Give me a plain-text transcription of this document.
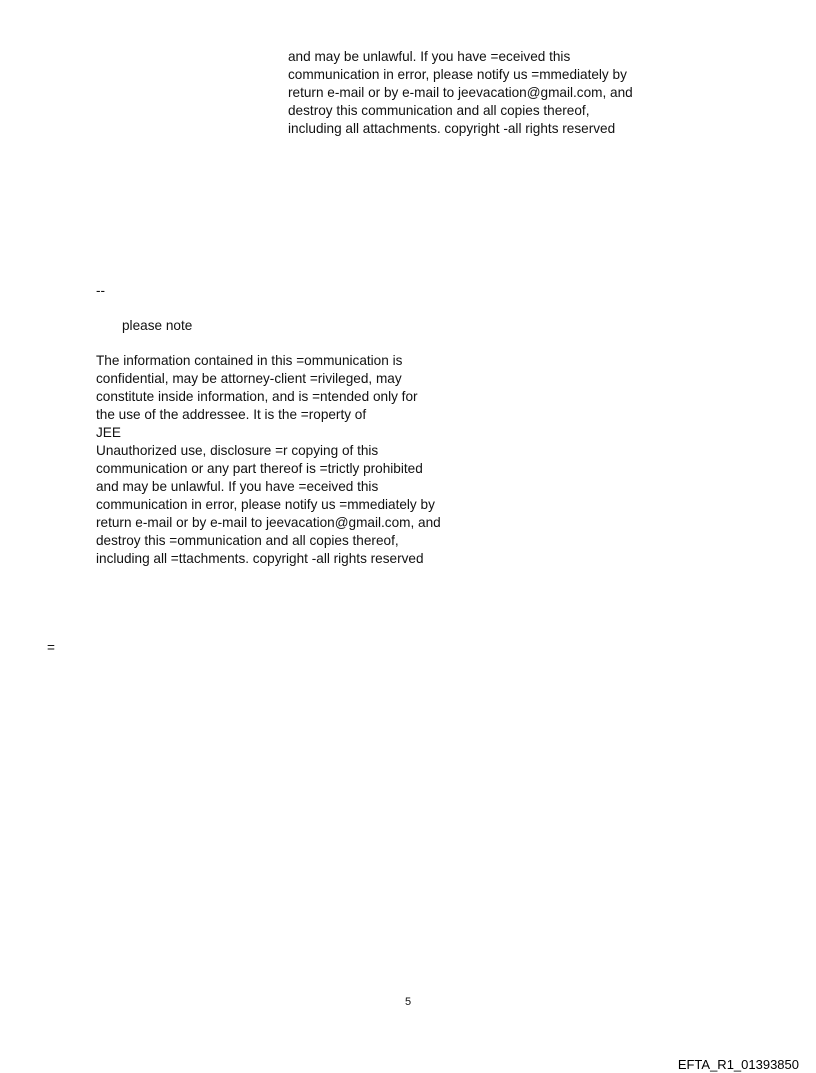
and may be unlawful. If you have =eceived this
communication in error, please notify us =mmediately by
return e-mail or by e-mail to jeevacation@gmail.com, and
destroy this communication and all copies thereof,
including all attachments. copyright -all rights reserved
--
please note
The information contained in this =ommunication is
confidential, may be attorney-client =rivileged, may
constitute inside information, and is =ntended only for
the use of the addressee. It is the =roperty of
JEE
Unauthorized use, disclosure =r copying of this
communication or any part thereof is =trictly prohibited
and may be unlawful. If you have =eceived this
communication in error, please notify us =mmediately by
return e-mail or by e-mail to jeevacation@gmail.com, and
destroy this =ommunication and all copies thereof,
including all =ttachments. copyright -all rights reserved
=
5
EFTA_R1_01393850
